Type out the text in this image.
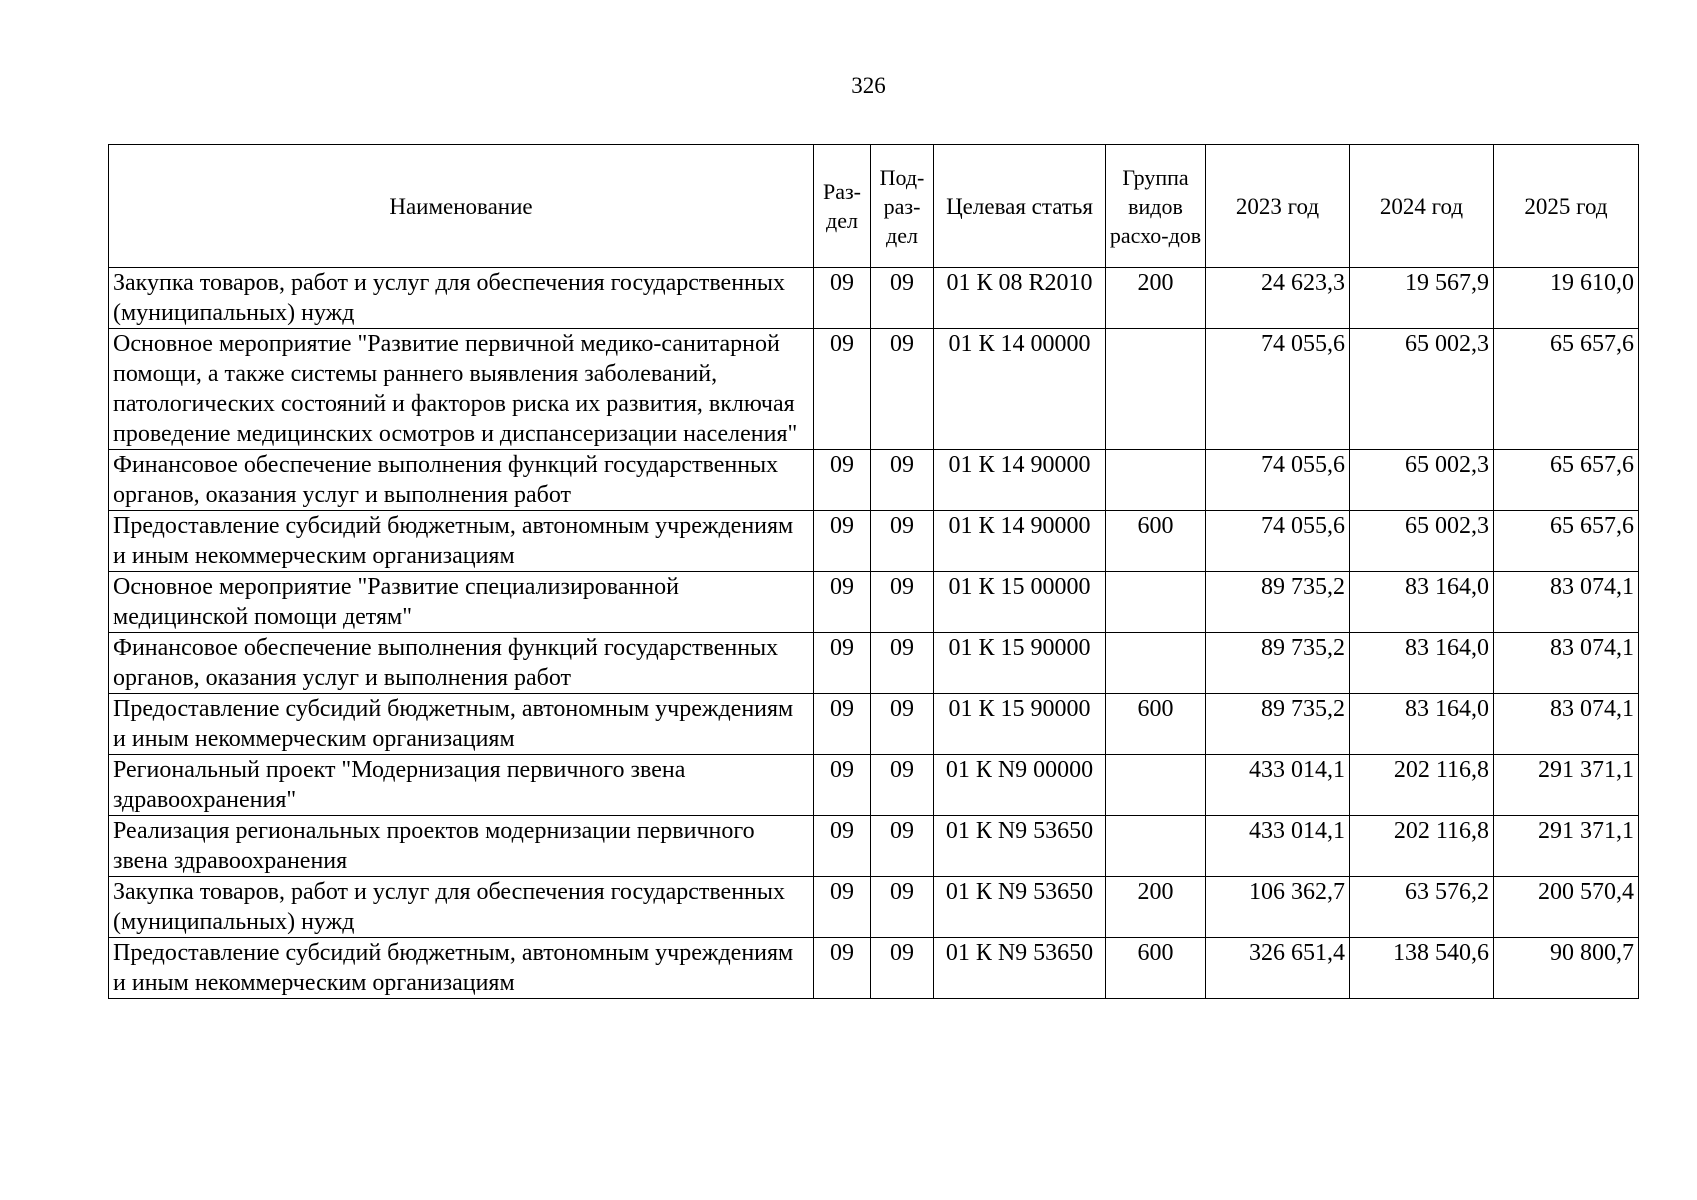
326
Наименование	Раз-дел	Под-раз-дел	Целевая статья	Группа видов расхо-дов	2023 год	2024 год	2025 год
Закупка товаров, работ и услуг для обеспечения государственных (муниципальных) нужд	09	09	01 К 08 R2010	200	24 623,3	19 567,9	19 610,0
Основное мероприятие "Развитие первичной медико-санитарной помощи, а также системы раннего выявления заболеваний, патологических состояний и факторов риска их развития, включая проведение медицинских осмотров и диспансеризации населения"	09	09	01 К 14 00000		74 055,6	65 002,3	65 657,6
Финансовое обеспечение выполнения функций государственных органов, оказания услуг и выполнения работ	09	09	01 К 14 90000		74 055,6	65 002,3	65 657,6
Предоставление субсидий бюджетным, автономным учреждениям и иным некоммерческим организациям	09	09	01 К 14 90000	600	74 055,6	65 002,3	65 657,6
Основное мероприятие "Развитие специализированной медицинской помощи детям"	09	09	01 К 15 00000		89 735,2	83 164,0	83 074,1
Финансовое обеспечение выполнения функций государственных органов, оказания услуг и выполнения работ	09	09	01 К 15 90000		89 735,2	83 164,0	83 074,1
Предоставление субсидий бюджетным, автономным учреждениям и иным некоммерческим организациям	09	09	01 К 15 90000	600	89 735,2	83 164,0	83 074,1
Региональный проект "Модернизация первичного звена здравоохранения"	09	09	01 К N9 00000		433 014,1	202 116,8	291 371,1
Реализация региональных проектов модернизации первичного звена здравоохранения	09	09	01 К N9 53650		433 014,1	202 116,8	291 371,1
Закупка товаров, работ и услуг для обеспечения государственных (муниципальных) нужд	09	09	01 К N9 53650	200	106 362,7	63 576,2	200 570,4
Предоставление субсидий бюджетным, автономным учреждениям и иным некоммерческим организациям	09	09	01 К N9 53650	600	326 651,4	138 540,6	90 800,7
